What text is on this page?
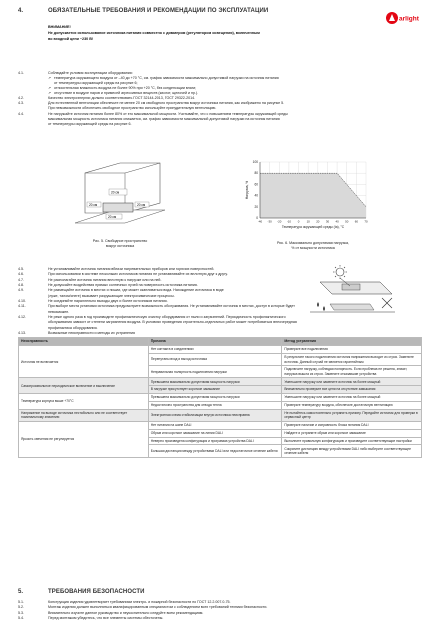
4.	ОБЯЗАТЕЛЬНЫЕ ТРЕБОВАНИЯ И РЕКОМЕНДАЦИИ ПО ЭКСПЛУАТАЦИИ
arlight
ВНИМАНИЕ!
Не допускается использование источника питания совместно с диммером (регулятором освещения), включенным
во входной цепи ~230 В!
4.1.	Соблюдайте условия эксплуатации оборудования:
↗ температура окружающего воздуха от –40 до +70 °C, см. график зависимости максимально допустимой нагрузки на источник питания
от температуры окружающей среды на рисунке 6;
↗ относительная влажность воздуха не более 90% при +20 °C, без конденсации влаги;
↗ отсутствие в воздухе паров и примесей агрессивных веществ (кислот, щелочей и пр.).
4.2.	Качество электроэнергии должно соответствовать ГОСТ 32144-2013, ГОСТ 29322-2014.
4.3.	Для естественной вентиляции обеспечьте не менее 20 см свободного пространства вокруг источника питания, как изображено на рисунке 5.
При невозможности обеспечить свободное пространство используйте принудительную вентиляцию.
4.4.	Не нагружайте источник питания более 80% от его максимальной мощности. Учитывайте, что с повышением температуры окружающей среды
максимальная мощность источника питания снижается, см. график зависимости максимальной допустимой нагрузки на источник питания
от температуры окружающей среды на рисунке 6.
20 см
20 см	20 см
20 см
Рис. 5. Свободное пространство
вокруг источника
100
80
60
40
20
0
-40 -30 -20 -10 0 10 20 30 40 50 60 70
Нагрузка, %
Температура окружающей среды (ta), °C
Рис. 6. Максимально допустимая нагрузка,
% от мощности источника
4.5.	Не устанавливайте источник питания вблизи нагревательных приборов или горючих поверхностей.
4.6.	При использовании в системе нескольких источников питания не устанавливайте их вплотную друг к другу.
4.7.	Не располагайте источник питания вплотную к нагрузке или на ней.
4.8.	Не допускайте воздействия прямых солнечных лучей на поверхность источника питания.
4.9.	Не размещайте источник в местах и нишах, где может скапливаться вода. Нахождение источника в воде
(луже, талом/снеге) вызывает разрушающие электрохимические процессы.
4.10.	Не соединяйте параллельно выходы двух и более источников питания.
4.11.	При выборе места установки источника предусмотрите возможность обслуживания. Не устанавливайте источник в местах, доступ в которые будет
невозможен.
4.12.	Не реже одного раза в год производите профилактическую очистку оборудования от пыли и загрязнений. Периодичность профилактического
обслуживания зависит от степени загрязнения воздуха. В условиях проведения строительно-отделочных работ может потребоваться внеочередная
профилактика оборудования.
4.13.	Возможные неисправности и методы их устранения
Неисправность	Причина	Метод устранения
Источник не включается	Нет контакта в соединениях	Проверьте все подключения
	Перепутаны вход и выход источника	В результате такого подключения источник напряжения выходит из строя. Замените источник. Данный случай не является гарантийным
	Неправильная полярность подключения нагрузки	Подключите нагрузку, соблюдая полярность. Если проблема не решена, значит, нагрузка вышла из строя. Замените отказавшие устройства
Самопроизвольное периодическое включение и выключение	Превышена максимально допустимая мощность нагрузки	Уменьшите нагрузку или замените источник на более мощный
	В нагрузке присутствует короткое замыкание	Внимательно проверьте все цепи на отсутствие замыкания
Температура корпуса выше +70°C	Превышена максимально допустимая мощность нагрузки	Уменьшите нагрузку или замените источник на более мощный
	Недостаточно пространства для отвода тепла	Проверьте температуру воздуха, обеспечьте достаточную вентиляцию
Напряжение на выходе источника нестабильно или не соответствует номинальному значению	Электронная схема стабилизации внутри источника неисправна	Не пытайтесь самостоятельно устранить причину. Передайте источник для проверки в сервисный центр
Яркость свечения не регулируется	Нет питания на шине DALI	Проверьте наличие и исправность блока питания DALI
	Обрыв или короткое замыкание на линии DALI	Найдите и устраните обрыв или короткое замыкание
	Неверно произведена конфигурация и программа устройства DALI	Выполните правильную конфигурацию и произведите соответствующие настройки
	Большая дистанция между устройствами DALI или недостаточное сечение кабеля	Сократите дистанцию между устройствами DALI либо выберите соответствующее сечение кабеля
5.	ТРЕБОВАНИЯ БЕЗОПАСНОСТИ
5.1.	Конструкция изделия удовлетворяет требованиям электро- и пожарной безопасности по ГОСТ 12.2.007.0-75.
5.2.	Монтаж изделия должен выполняться квалифицированным специалистом с соблюдением всех требований техники безопасности.
5.3.	Внимательно изучите данное руководство и неукоснительно следуйте всем рекомендациям.
5.4.	Перед монтажом убедитесь, что все элементы системы обесточены.
